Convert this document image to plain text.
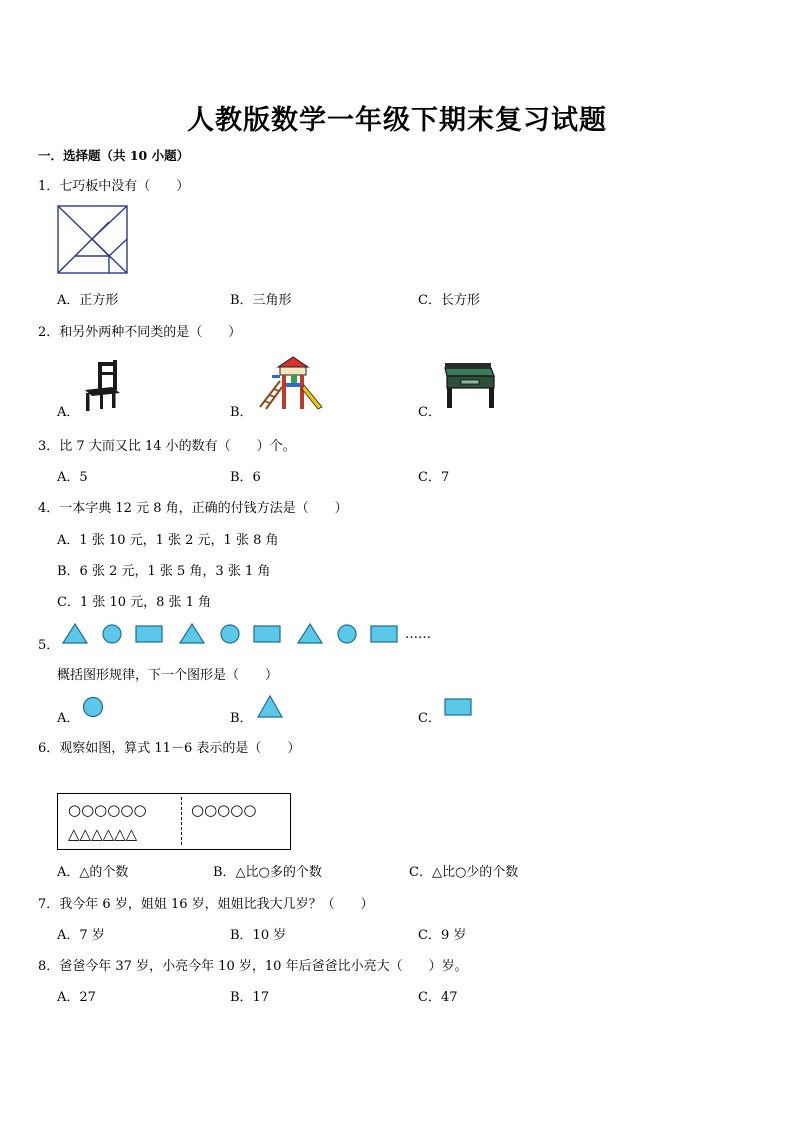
人教版数学一年级下期末复习试题
一．选择题（共 10 小题）
1．七巧板中没有（　　）
A．正方形	B．三角形	C．长方形
2．和另外两种不同类的是（　　）
A．	B．	C．
3．比 7 大而又比 14 小的数有（　　）个。
A．5	B．6	C．7
4．一本字典 12 元 8 角，正确的付钱方法是（　　）
A．1 张 10 元，1 张 2 元，1 张 8 角
B．6 张 2 元，1 张 5 角，3 张 1 角
C．1 张 10 元，8 张 1 角
5．
……
概括图形规律，下一个图形是（　　）
A．	B．	C．
6．观察如图，算式 11－6 表示的是（　　）
○○○○○○	○○○○○
△△△△△△
A．△的个数	B．△比○多的个数	C．△比○少的个数
7．我今年 6 岁，姐姐 16 岁，姐姐比我大几岁？（　　）
A．7 岁	B．10 岁	C．9 岁
8．爸爸今年 37 岁，小亮今年 10 岁，10 年后爸爸比小亮大（　　）岁。
A．27	B．17	C．47
